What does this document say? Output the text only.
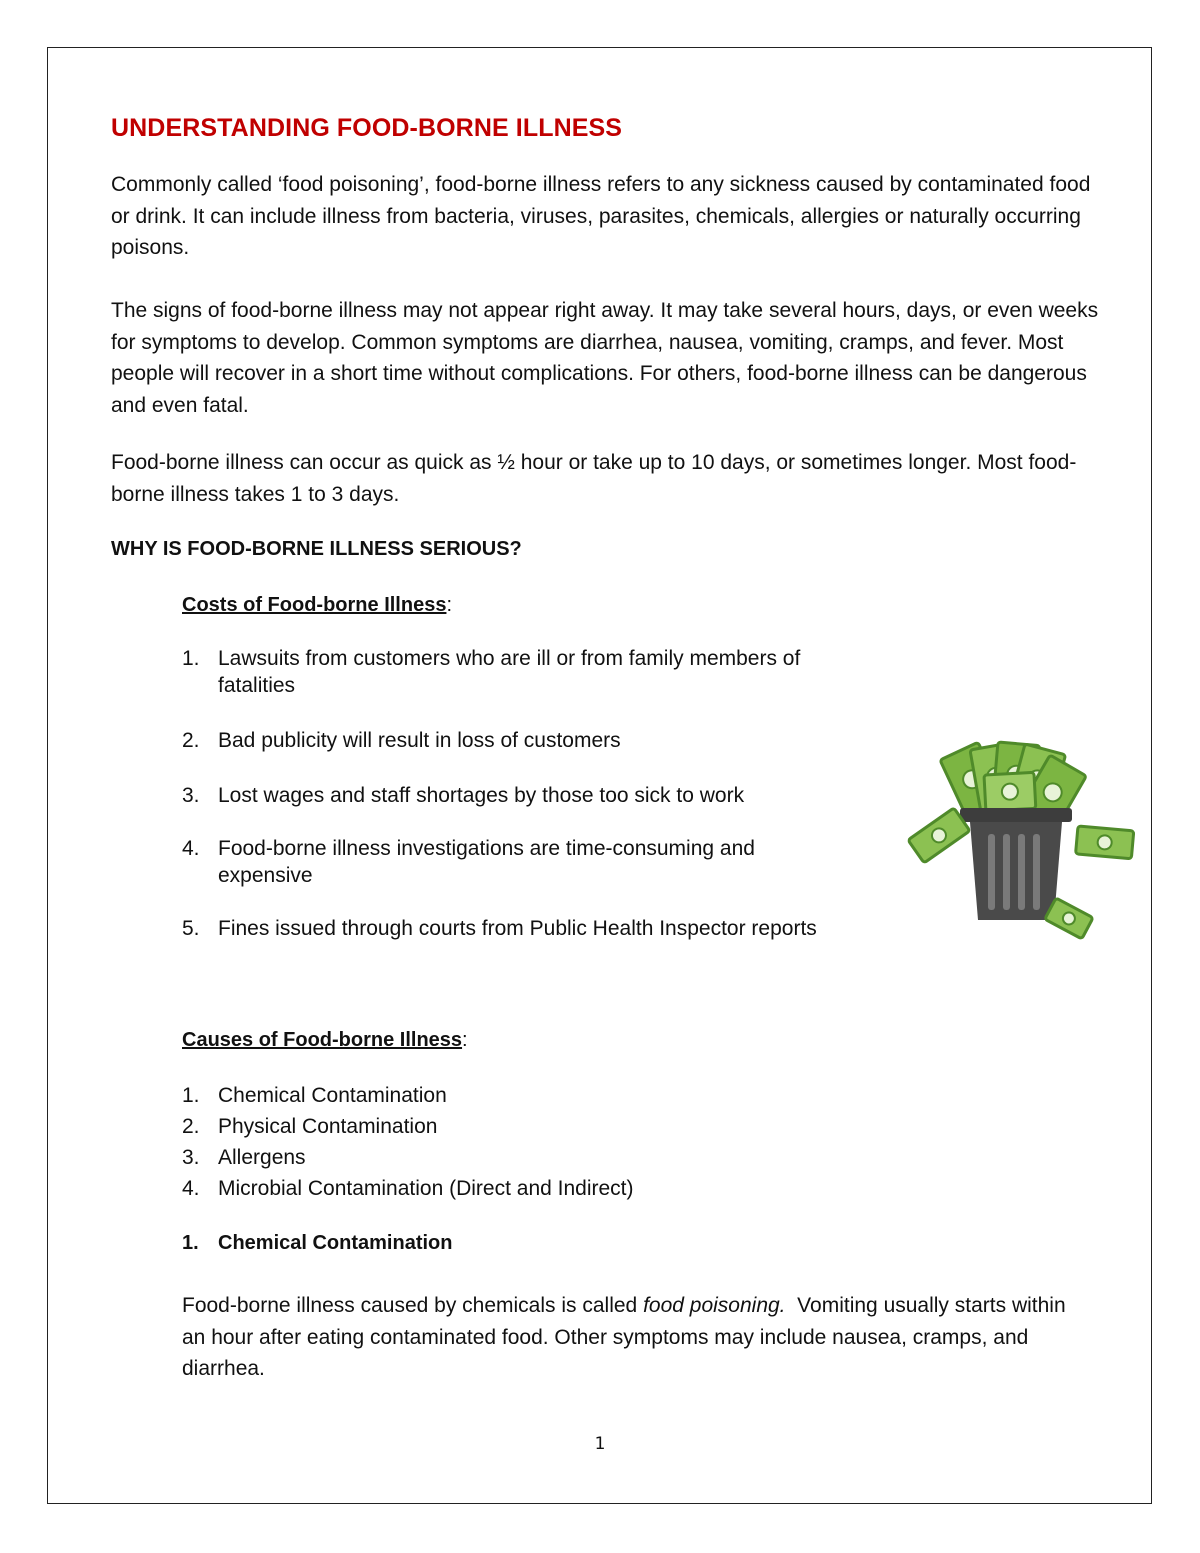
UNDERSTANDING FOOD-BORNE ILLNESS

Commonly called ‘food poisoning’, food-borne illness refers to any sickness caused by contaminated food or drink. It can include illness from bacteria, viruses, parasites, chemicals, allergies or naturally occurring poisons.

The signs of food-borne illness may not appear right away. It may take several hours, days, or even weeks for symptoms to develop. Common symptoms are diarrhea, nausea, vomiting, cramps, and fever. Most people will recover in a short time without complications. For others, food-borne illness can be dangerous and even fatal.

Food-borne illness can occur as quick as ½ hour or take up to 10 days, or sometimes longer. Most food-borne illness takes 1 to 3 days.

WHY IS FOOD-BORNE ILLNESS SERIOUS?
Costs of Food-borne Illness:
1. Lawsuits from customers who are ill or from family members of fatalities
2. Bad publicity will result in loss of customers
3. Lost wages and staff shortages by those too sick to work
4. Food-borne illness investigations are time-consuming and expensive
5. Fines issued through courts from Public Health Inspector reports
Causes of Food-borne Illness:
1. Chemical Contamination
2. Physical Contamination
3. Allergens
4. Microbial Contamination (Direct and Indirect)
1. Chemical Contamination

Food-borne illness caused by chemicals is called food poisoning.  Vomiting usually starts within an hour after eating contaminated food. Other symptoms may include nausea, cramps, and diarrhea.

1
